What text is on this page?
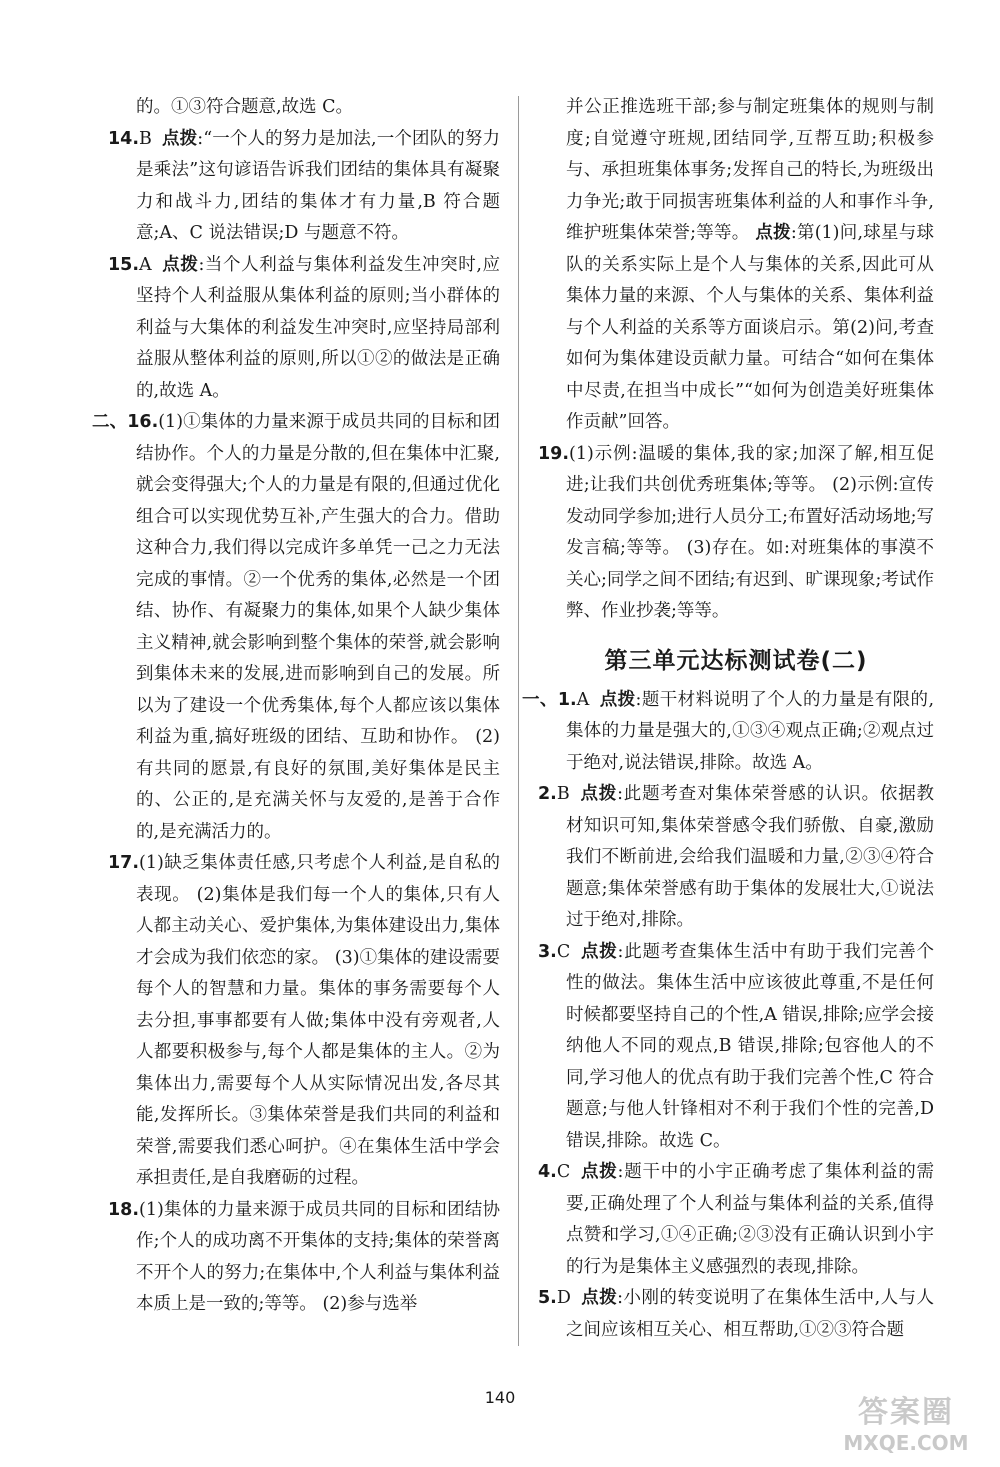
的。①③符合题意,故选 C。

14.B 点拨:“一个人的努力是加法,一个团队的努力是乘法”这句谚语告诉我们团结的集体具有凝聚力和战斗力,团结的集体才有力量,B 符合题意;A、C 说法错误;D 与题意不符。

15.A 点拨:当个人利益与集体利益发生冲突时,应坚持个人利益服从集体利益的原则;当小群体的利益与大集体的利益发生冲突时,应坚持局部利益服从整体利益的原则,所以①②的做法是正确的,故选 A。

二、16.(1)①集体的力量来源于成员共同的目标和团结协作。个人的力量是分散的,但在集体中汇聚,就会变得强大;个人的力量是有限的,但通过优化组合可以实现优势互补,产生强大的合力。借助这种合力,我们得以完成许多单凭一己之力无法完成的事情。②一个优秀的集体,必然是一个团结、协作、有凝聚力的集体,如果个人缺少集体主义精神,就会影响到整个集体的荣誉,就会影响到集体未来的发展,进而影响到自己的发展。所以为了建设一个优秀集体,每个人都应该以集体利益为重,搞好班级的团结、互助和协作。 (2)有共同的愿景,有良好的氛围,美好集体是民主的、公正的,是充满关怀与友爱的,是善于合作的,是充满活力的。

17.(1)缺乏集体责任感,只考虑个人利益,是自私的表现。 (2)集体是我们每一个人的集体,只有人人都主动关心、爱护集体,为集体建设出力,集体才会成为我们依恋的家。 (3)①集体的建设需要每个人的智慧和力量。集体的事务需要每个人去分担,事事都要有人做;集体中没有旁观者,人人都要积极参与,每个人都是集体的主人。②为集体出力,需要每个人从实际情况出发,各尽其能,发挥所长。③集体荣誉是我们共同的利益和荣誉,需要我们悉心呵护。④在集体生活中学会承担责任,是自我磨砺的过程。

18.(1)集体的力量来源于成员共同的目标和团结协作;个人的成功离不开集体的支持;集体的荣誉离不开个人的努力;在集体中,个人利益与集体利益本质上是一致的;等等。 (2)参与选举

并公正推选班干部;参与制定班集体的规则与制度;自觉遵守班规,团结同学,互帮互助;积极参与、承担班集体事务;发挥自己的特长,为班级出力争光;敢于同损害班集体利益的人和事作斗争,维护班集体荣誉;等等。 点拨:第(1)问,球星与球队的关系实际上是个人与集体的关系,因此可从集体力量的来源、个人与集体的关系、集体利益与个人利益的关系等方面谈启示。第(2)问,考查如何为集体建设贡献力量。可结合“如何在集体中尽责,在担当中成长”“如何为创造美好班集体作贡献”回答。

19.(1)示例:温暖的集体,我的家;加深了解,相互促进;让我们共创优秀班集体;等等。 (2)示例:宣传发动同学参加;进行人员分工;布置好活动场地;写发言稿;等等。 (3)存在。如:对班集体的事漠不关心;同学之间不团结;有迟到、旷课现象;考试作弊、作业抄袭;等等。

第三单元达标测试卷(二)

一、1.A 点拨:题干材料说明了个人的力量是有限的,集体的力量是强大的,①③④观点正确;②观点过于绝对,说法错误,排除。故选 A。

2.B 点拨:此题考查对集体荣誉感的认识。依据教材知识可知,集体荣誉感令我们骄傲、自豪,激励我们不断前进,会给我们温暖和力量,②③④符合题意;集体荣誉感有助于集体的发展壮大,①说法过于绝对,排除。

3.C 点拨:此题考查集体生活中有助于我们完善个性的做法。集体生活中应该彼此尊重,不是任何时候都要坚持自己的个性,A 错误,排除;应学会接纳他人不同的观点,B 错误,排除;包容他人的不同,学习他人的优点有助于我们完善个性,C 符合题意;与他人针锋相对不利于我们个性的完善,D 错误,排除。故选 C。

4.C 点拨:题干中的小宇正确考虑了集体利益的需要,正确处理了个人利益与集体利益的关系,值得点赞和学习,①④正确;②③没有正确认识到小宇的行为是集体主义感强烈的表现,排除。

5.D 点拨:小刚的转变说明了在集体生活中,人与人之间应该相互关心、相互帮助,①②③符合题

140	答案圈
MXQE.COM
